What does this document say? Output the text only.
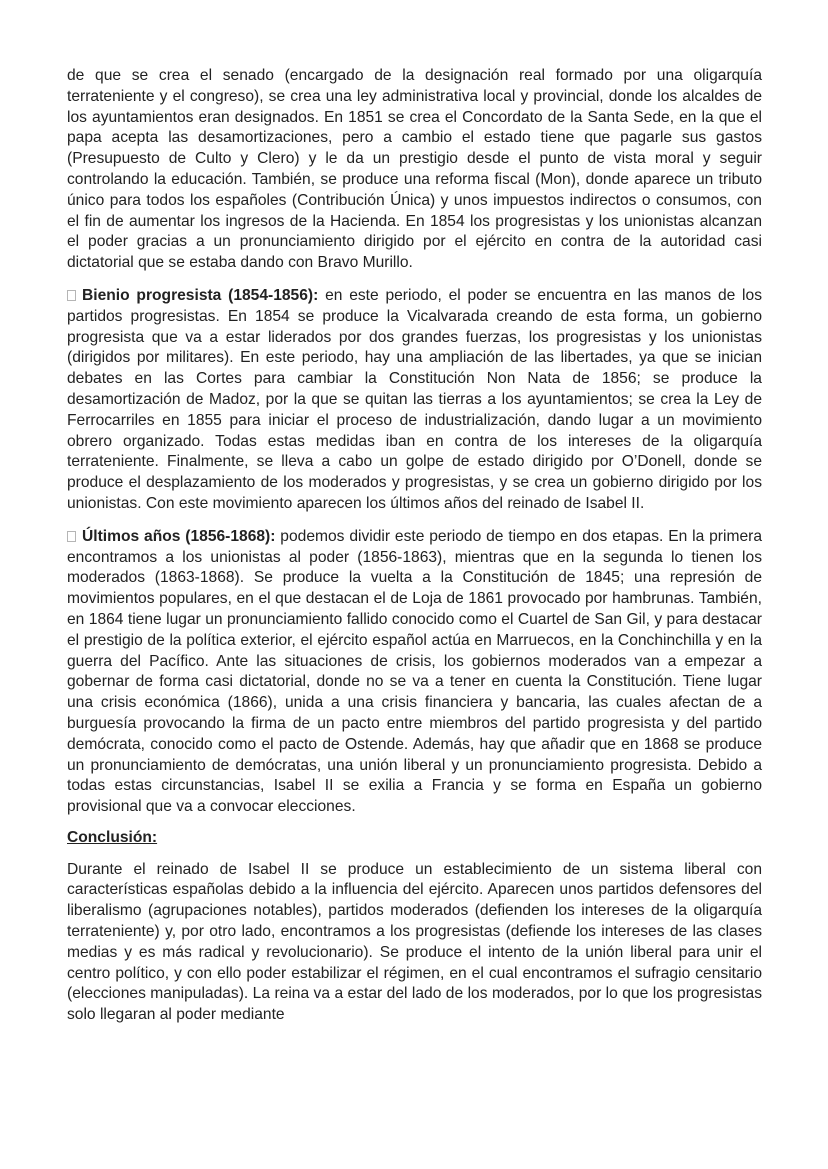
de que se crea el senado (encargado de la designación real formado por una oligarquía terrateniente y el congreso), se crea una ley administrativa local y provincial, donde los alcaldes de los ayuntamientos eran designados. En 1851 se crea el Concordato de la Santa Sede, en la que el papa acepta las desamortizaciones, pero a cambio el estado tiene que pagarle sus gastos (Presupuesto de Culto y Clero) y le da un prestigio desde el punto de vista moral y seguir controlando la educación. También, se produce una reforma fiscal (Mon), donde aparece un tributo único para todos los españoles (Contribución Única) y unos impuestos indirectos o consumos, con el fin de aumentar los ingresos de la Hacienda. En 1854 los progresistas y los unionistas alcanzan el poder gracias a un pronunciamiento dirigido por el ejército en contra de la autoridad casi dictatorial que se estaba dando con Bravo Murillo.

Bienio progresista (1854-1856): en este periodo, el poder se encuentra en las manos de los partidos progresistas. En 1854 se produce la Vicalvarada creando de esta forma, un gobierno progresista que va a estar liderados por dos grandes fuerzas, los progresistas y los unionistas (dirigidos por militares). En este periodo, hay una ampliación de las libertades, ya que se inician debates en las Cortes para cambiar la Constitución Non Nata de 1856; se produce la desamortización de Madoz, por la que se quitan las tierras a los ayuntamientos; se crea la Ley de Ferrocarriles en 1855 para iniciar el proceso de industrialización, dando lugar a un movimiento obrero organizado. Todas estas medidas iban en contra de los intereses de la oligarquía terrateniente. Finalmente, se lleva a cabo un golpe de estado dirigido por O’Donell, donde se produce el desplazamiento de los moderados y progresistas, y se crea un gobierno dirigido por los unionistas. Con este movimiento aparecen los últimos años del reinado de Isabel II.

Últimos años (1856-1868): podemos dividir este periodo de tiempo en dos etapas. En la primera encontramos a los unionistas al poder (1856-1863), mientras que en la segunda lo tienen los moderados (1863-1868). Se produce la vuelta a la Constitución de 1845; una represión de movimientos populares, en el que destacan el de Loja de 1861 provocado por hambrunas. También, en 1864 tiene lugar un pronunciamiento fallido conocido como el Cuartel de San Gil, y para destacar el prestigio de la política exterior, el ejército español actúa en Marruecos, en la Conchinchilla y en la guerra del Pacífico. Ante las situaciones de crisis, los gobiernos moderados van a empezar a gobernar de forma casi dictatorial, donde no se va a tener en cuenta la Constitución. Tiene lugar una crisis económica (1866), unida a una crisis financiera y bancaria, las cuales afectan de a burguesía provocando la firma de un pacto entre miembros del partido progresista y del partido demócrata, conocido como el pacto de Ostende. Además, hay que añadir que en 1868 se produce un pronunciamiento de demócratas, una unión liberal y un pronunciamiento progresista. Debido a todas estas circunstancias, Isabel II se exilia a Francia y se forma en España un gobierno provisional que va a convocar elecciones.

Conclusión:

Durante el reinado de Isabel II se produce un establecimiento de un sistema liberal con características españolas debido a la influencia del ejército. Aparecen unos partidos defensores del liberalismo (agrupaciones notables), partidos moderados (defienden los intereses de la oligarquía terrateniente) y, por otro lado, encontramos a los progresistas (defiende los intereses de las clases medias y es más radical y revolucionario). Se produce el intento de la unión liberal para unir el centro político, y con ello poder estabilizar el régimen, en el cual encontramos el sufragio censitario (elecciones manipuladas). La reina va a estar del lado de los moderados, por lo que los progresistas solo llegaran al poder mediante
